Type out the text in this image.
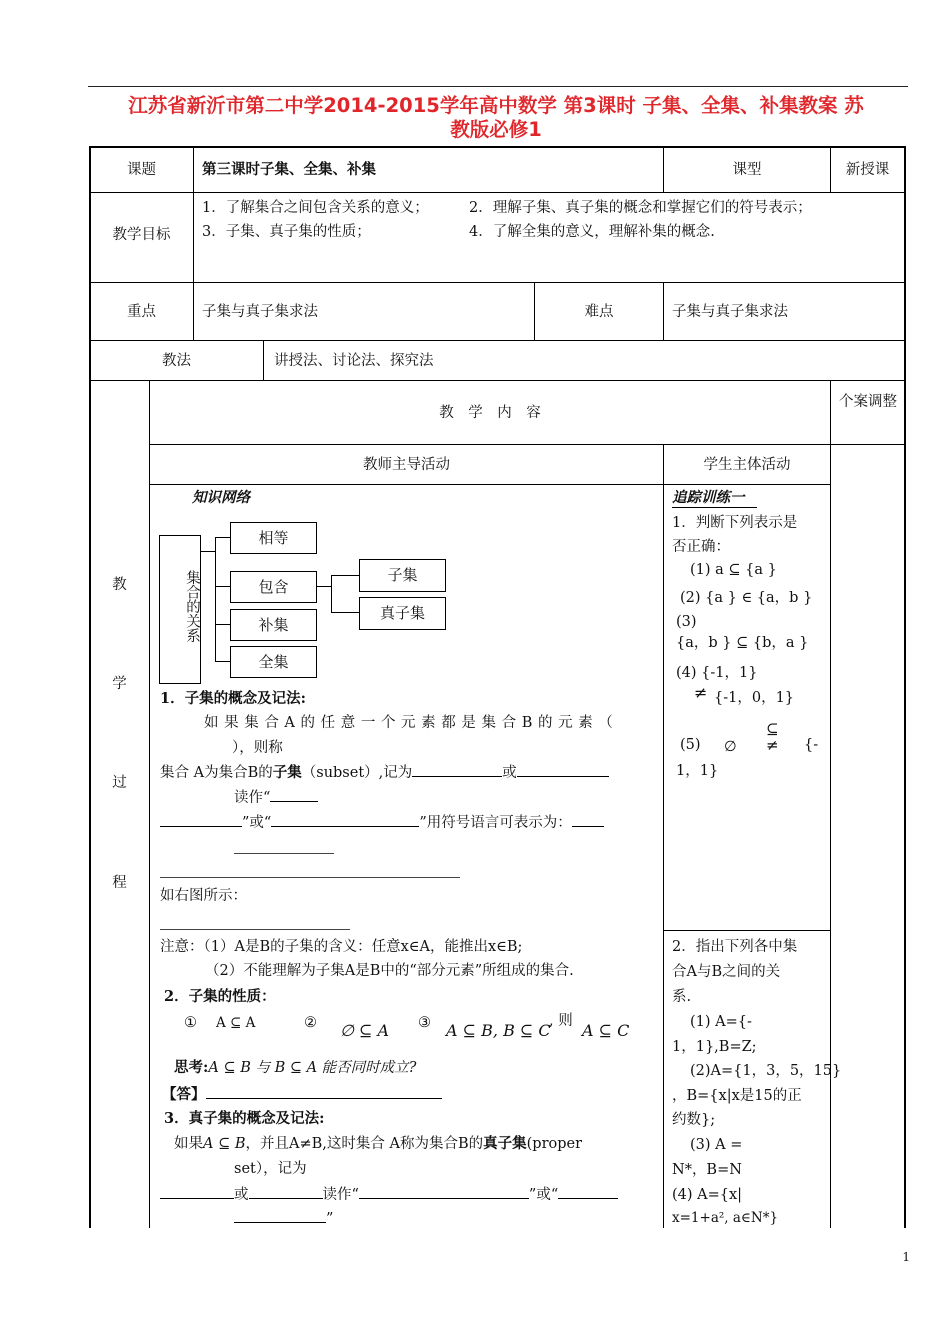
江苏省新沂市第二中学2014-2015学年高中数学 第3课时 子集、全集、补集教案 苏
教版必修1
课题	第三课时子集、全集、补集	课型	新授课
教学目标
1．了解集合之间包含关系的意义；	2．理解子集、真子集的概念和掌握它们的符号表示；
3．子集、真子集的性质；	4．了解全集的意义，理解补集的概念.
重点	子集与真子集求法	难点	子集与真子集求法
教法	讲授法、讨论法、探究法
教　学　内　容
个案调整
教师主导活动	学生主体活动
教
学
过
程
知识网络
集合的关系
相等
包含
补集
全集
子集
真子集
1．子集的概念及记法:
如 果 集 合 A 的 任 意 一 个 元 素 都 是 集 合 B 的 元 素 （
），则称
集合 A为集合B的子集（subset）,记为	或
读作“
”或“	”用符号语言可表示为：
如右图所示：
注意：（1）A是B的子集的含义：任意x∈A，能推出x∈B;
（2）不能理解为子集A是B中的“部分元素”所组成的集合.
2．子集的性质：
① A ⊆ A	② ∅ ⊆ A ③ A ⊆ B, B ⊆ C
, 则 A ⊆ C
思考:A ⊆ B 与 B ⊆ A 能否同时成立?
【答】
3．真子集的概念及记法:
如果A ⊆ B，并且A≠B,这时集合 A称为集合B的真子集(proper
set），记为
或	读作“	”或“
”
追踪训练一
1．判断下列表示是
否正确：
(1) a ⊆ {a }
(2) {a } ∈ {a，b }
(3)
{a，b } ⊆ {b，a }
(4) {-1，1}
≠ {-1，0，1}
(5) ∅
⊆
≠ {-
1，1}
2．指出下列各中集
合A与B之间的关
系.
(1) A={-
1，1},B=Z;
(2)A={1，3，5，15}
，B={x|x是15的正
约数};
(3) A =
N*，B=N
(4) A={x|
x=1+a², a∈N*}
1
